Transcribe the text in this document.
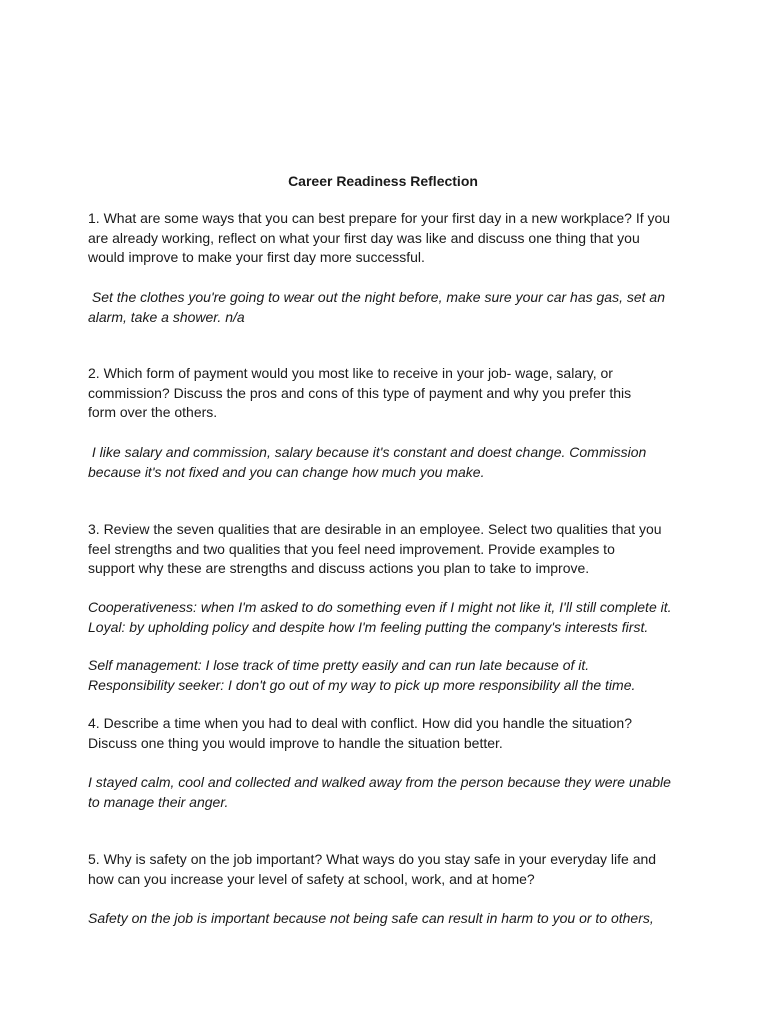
Career Readiness Reflection
1. What are some ways that you can best prepare for your first day in a new workplace? If you
are already working, reflect on what your first day was like and discuss one thing that you
would improve to make your first day more successful.
Set the clothes you're going to wear out the night before, make sure your car has gas, set an
alarm, take a shower. n/a
2. Which form of payment would you most like to receive in your job- wage, salary, or
commission? Discuss the pros and cons of this type of payment and why you prefer this
form over the others.
I like salary and commission, salary because it's constant and doest change. Commission
because it's not fixed and you can change how much you make.
3. Review the seven qualities that are desirable in an employee. Select two qualities that you
feel strengths and two qualities that you feel need improvement. Provide examples to
support why these are strengths and discuss actions you plan to take to improve.
Cooperativeness: when I'm asked to do something even if I might not like it, I'll still complete it.
Loyal: by upholding policy and despite how I'm feeling putting the company's interests first.
Self management: I lose track of time pretty easily and can run late because of it.
Responsibility seeker: I don't go out of my way to pick up more responsibility all the time.
4. Describe a time when you had to deal with conflict. How did you handle the situation?
Discuss one thing you would improve to handle the situation better.
I stayed calm, cool and collected and walked away from the person because they were unable
to manage their anger.
5. Why is safety on the job important? What ways do you stay safe in your everyday life and
how can you increase your level of safety at school, work, and at home?
Safety on the job is important because not being safe can result in harm to you or to others,
